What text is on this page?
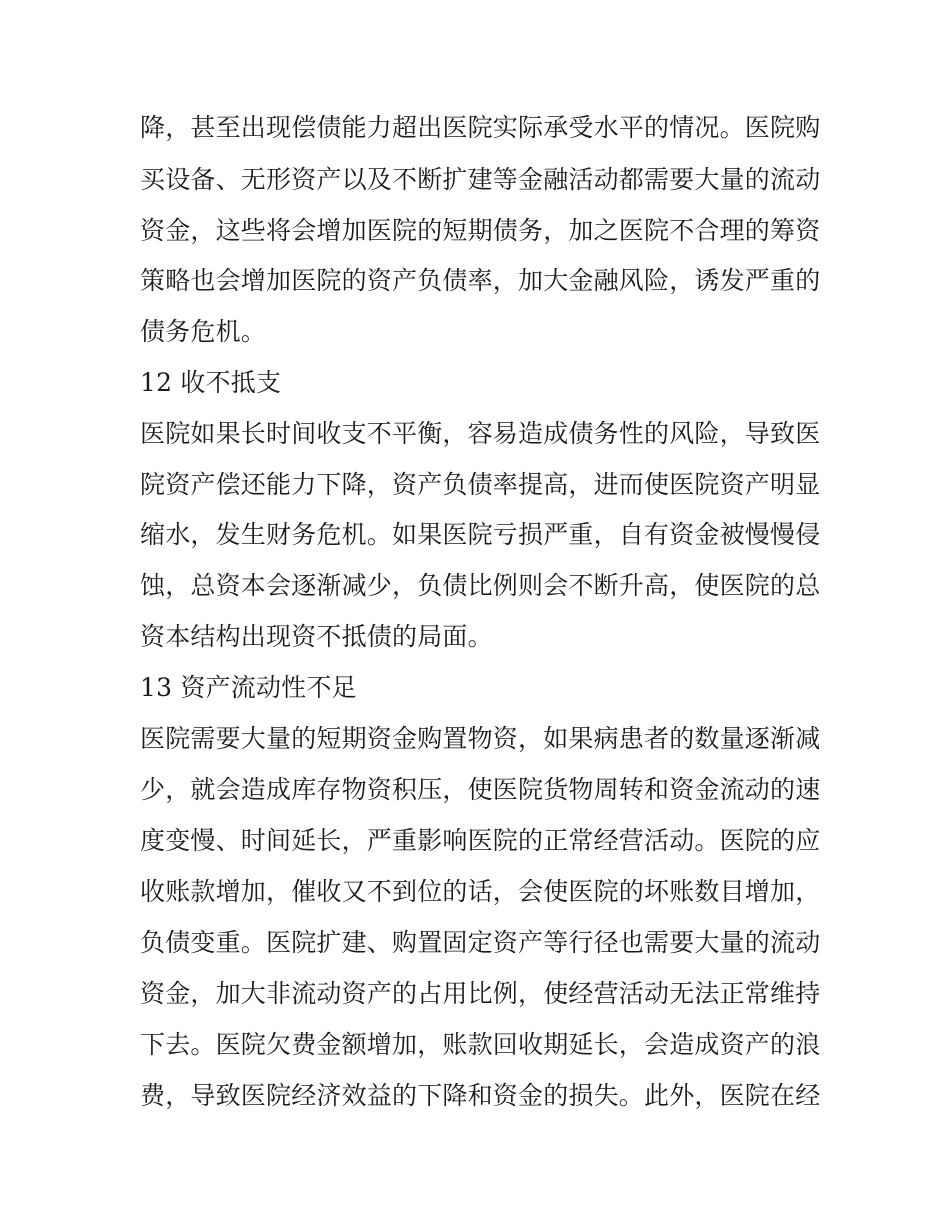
降，甚至出现偿债能力超出医院实际承受水平的情况。医院购
买设备、无形资产以及不断扩建等金融活动都需要大量的流动
资金，这些将会增加医院的短期债务，加之医院不合理的筹资
策略也会增加医院的资产负债率，加大金融风险，诱发严重的
债务危机。
12 收不抵支
医院如果长时间收支不平衡，容易造成债务性的风险，导致医
院资产偿还能力下降，资产负债率提高，进而使医院资产明显
缩水，发生财务危机。如果医院亏损严重，自有资金被慢慢侵
蚀，总资本会逐渐减少，负债比例则会不断升高，使医院的总
资本结构出现资不抵债的局面。
13 资产流动性不足
医院需要大量的短期资金购置物资，如果病患者的数量逐渐减
少，就会造成库存物资积压，使医院货物周转和资金流动的速
度变慢、时间延长，严重影响医院的正常经营活动。医院的应
收账款增加，催收又不到位的话，会使医院的坏账数目增加，
负债变重。医院扩建、购置固定资产等行径也需要大量的流动
资金，加大非流动资产的占用比例，使经营活动无法正常维持
下去。医院欠费金额增加，账款回收期延长，会造成资产的浪
费，导致医院经济效益的下降和资金的损失。此外，医院在经
